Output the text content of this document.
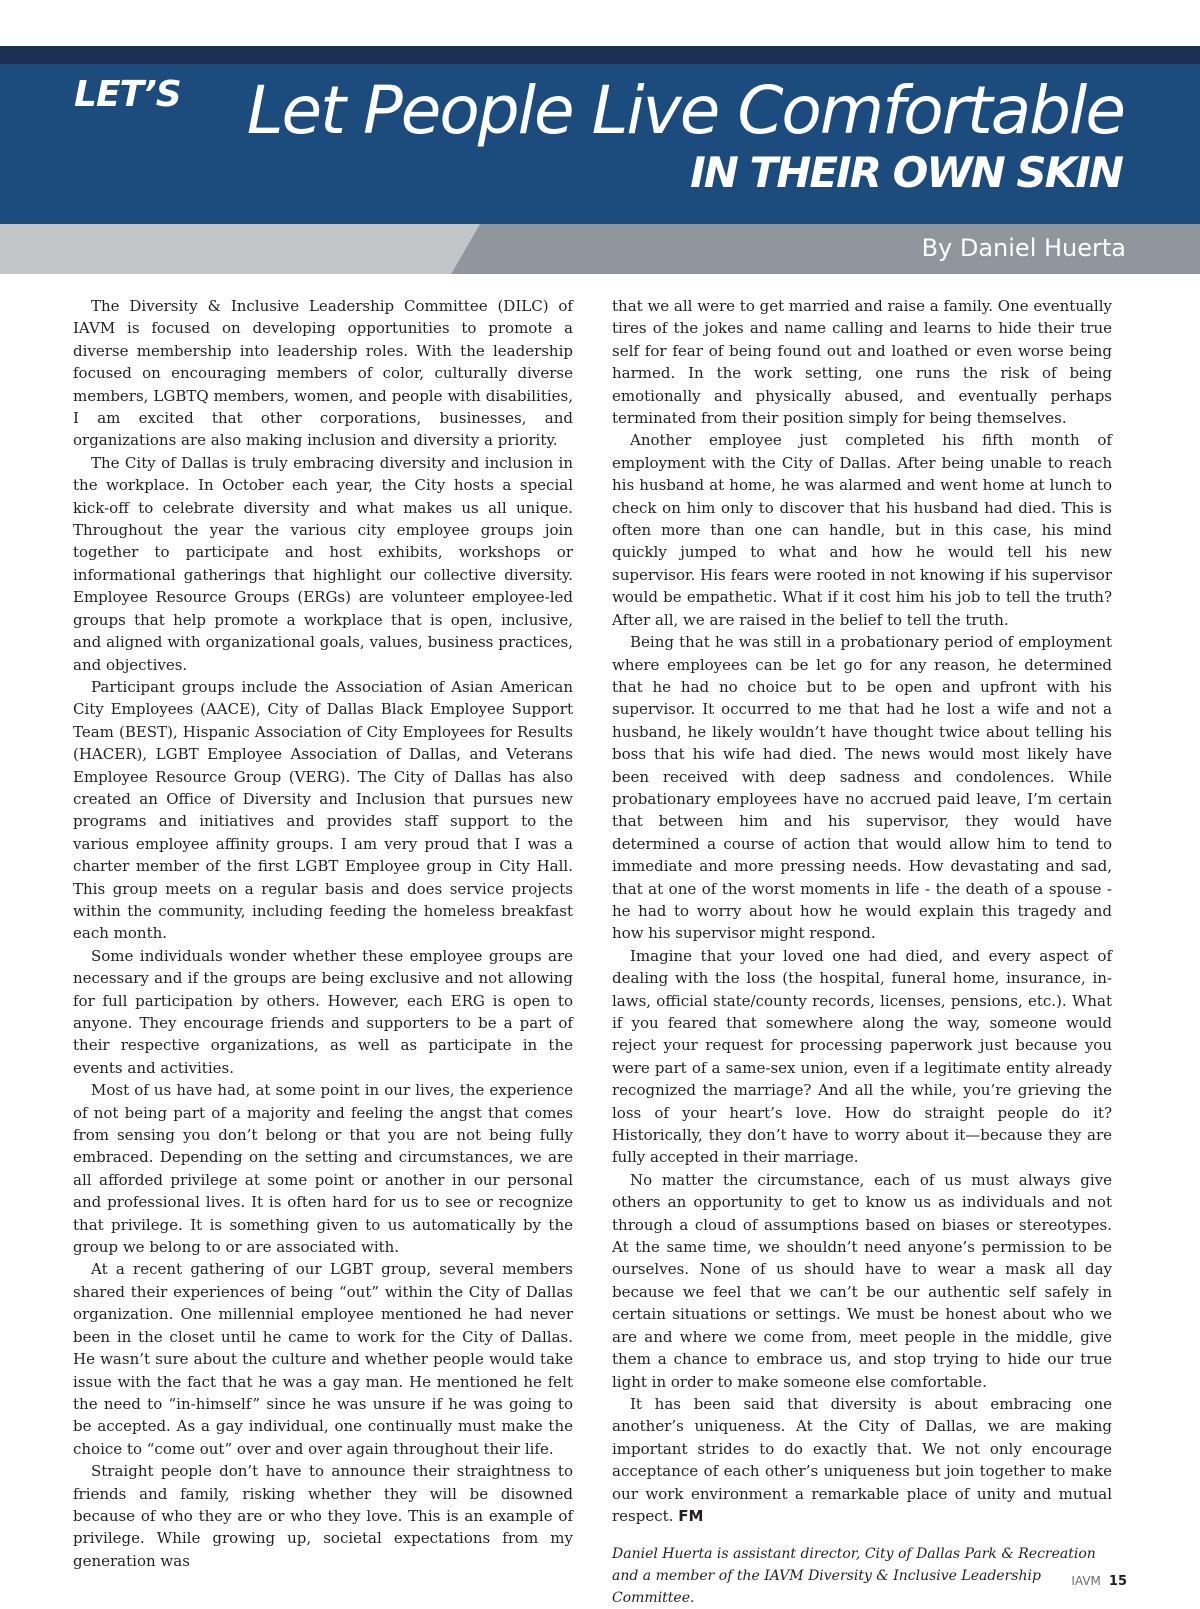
LET’S Let People Live Comfortable
IN THEIR OWN SKIN
By Daniel Huerta

The Diversity & Inclusive Leadership Committee (DILC) of IAVM is focused on developing opportunities to promote a diverse membership into leadership roles. With the leadership focused on encouraging members of color, culturally diverse members, LGBTQ members, women, and people with disabilities, I am excited that other corporations, businesses, and organizations are also making inclusion and diversity a priority.

The City of Dallas is truly embracing diversity and inclusion in the workplace. In October each year, the City hosts a special kick-off to celebrate diversity and what makes us all unique. Throughout the year the various city employee groups join together to participate and host exhibits, workshops or informational gatherings that highlight our collective diversity. Employee Resource Groups (ERGs) are volunteer employee-led groups that help promote a workplace that is open, inclusive, and aligned with organizational goals, values, business practices, and objectives.

Participant groups include the Association of Asian American City Employees (AACE), City of Dallas Black Employee Support Team (BEST), Hispanic Association of City Employees for Results (HACER), LGBT Employee Association of Dallas, and Veterans Employee Resource Group (VERG). The City of Dallas has also created an Office of Diversity and Inclusion that pursues new programs and initiatives and provides staff support to the various employee affinity groups. I am very proud that I was a charter member of the first LGBT Employee group in City Hall. This group meets on a regular basis and does service projects within the community, including feeding the homeless breakfast each month.

Some individuals wonder whether these employee groups are necessary and if the groups are being exclusive and not allowing for full participation by others. However, each ERG is open to anyone. They encourage friends and supporters to be a part of their respective organizations, as well as participate in the events and activities.

Most of us have had, at some point in our lives, the experience of not being part of a majority and feeling the angst that comes from sensing you don’t belong or that you are not being fully embraced. Depending on the setting and circumstances, we are all afforded privilege at some point or another in our personal and professional lives. It is often hard for us to see or recognize that privilege. It is something given to us automatically by the group we belong to or are associated with.

At a recent gathering of our LGBT group, several members shared their experiences of being “out” within the City of Dallas organization. One millennial employee mentioned he had never been in the closet until he came to work for the City of Dallas. He wasn’t sure about the culture and whether people would take issue with the fact that he was a gay man. He mentioned he felt the need to “in-himself” since he was unsure if he was going to be accepted. As a gay individual, one continually must make the choice to “come out” over and over again throughout their life.

Straight people don’t have to announce their straightness to friends and family, risking whether they will be disowned because of who they are or who they love. This is an example of privilege. While growing up, societal expectations from my generation was

that we all were to get married and raise a family. One eventually tires of the jokes and name calling and learns to hide their true self for fear of being found out and loathed or even worse being harmed. In the work setting, one runs the risk of being emotionally and physically abused, and eventually perhaps terminated from their position simply for being themselves.

Another employee just completed his fifth month of employment with the City of Dallas. After being unable to reach his husband at home, he was alarmed and went home at lunch to check on him only to discover that his husband had died. This is often more than one can handle, but in this case, his mind quickly jumped to what and how he would tell his new supervisor. His fears were rooted in not knowing if his supervisor would be empathetic. What if it cost him his job to tell the truth? After all, we are raised in the belief to tell the truth.

Being that he was still in a probationary period of employment where employees can be let go for any reason, he determined that he had no choice but to be open and upfront with his supervisor. It occurred to me that had he lost a wife and not a husband, he likely wouldn’t have thought twice about telling his boss that his wife had died. The news would most likely have been received with deep sadness and condolences. While probationary employees have no accrued paid leave, I’m certain that between him and his supervisor, they would have determined a course of action that would allow him to tend to immediate and more pressing needs. How devastating and sad, that at one of the worst moments in life - the death of a spouse - he had to worry about how he would explain this tragedy and how his supervisor might respond.

Imagine that your loved one had died, and every aspect of dealing with the loss (the hospital, funeral home, insurance, in-laws, official state/county records, licenses, pensions, etc.). What if you feared that somewhere along the way, someone would reject your request for processing paperwork just because you were part of a same-sex union, even if a legitimate entity already recognized the marriage? And all the while, you’re grieving the loss of your heart’s love. How do straight people do it? Historically, they don’t have to worry about it—because they are fully accepted in their marriage.

No matter the circumstance, each of us must always give others an opportunity to get to know us as individuals and not through a cloud of assumptions based on biases or stereotypes. At the same time, we shouldn’t need anyone’s permission to be ourselves. None of us should have to wear a mask all day because we feel that we can’t be our authentic self safely in certain situations or settings. We must be honest about who we are and where we come from, meet people in the middle, give them a chance to embrace us, and stop trying to hide our true light in order to make someone else comfortable.

It has been said that diversity is about embracing one another’s uniqueness. At the City of Dallas, we are making important strides to do exactly that. We not only encourage acceptance of each other’s uniqueness but join together to make our work environment a remarkable place of unity and mutual respect. FM

Daniel Huerta is assistant director, City of Dallas Park & Recreation and a member of the IAVM Diversity & Inclusive Leadership Committee.

IAVM 15
